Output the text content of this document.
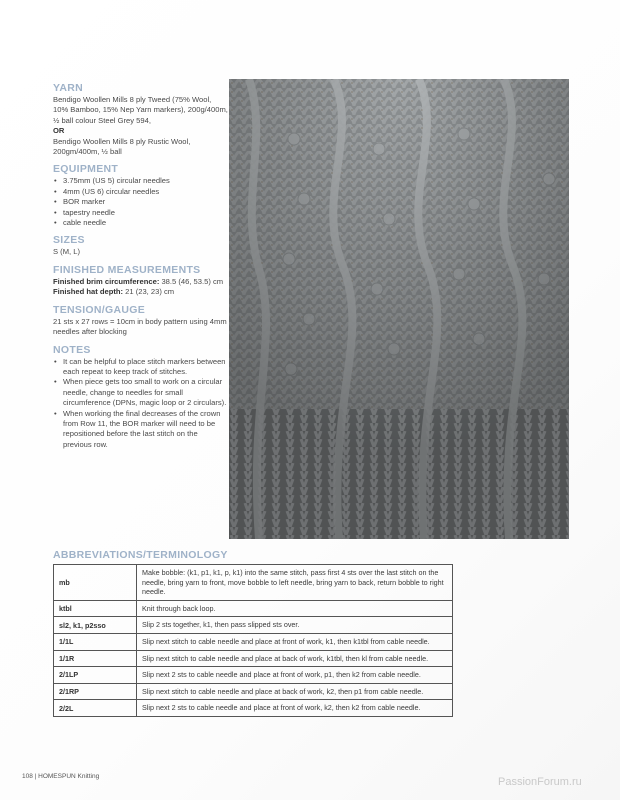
YARN
Bendigo Woollen Mills 8 ply Tweed (75% Wool, 10% Bamboo, 15% Nep Yarn markers), 200g/400m, ½ ball colour Steel Grey 594,
OR
Bendigo Woollen Mills 8 ply Rustic Wool, 200gm/400m, ½ ball
EQUIPMENT
• 3.75mm (US 5) circular needles
• 4mm (US 6) circular needles
• BOR marker
• tapestry needle
• cable needle
SIZES
S (M, L)
FINISHED MEASUREMENTS
Finished brim circumference: 38.5 (46, 53.5) cm
Finished hat depth: 21 (23, 23) cm
TENSION/GAUGE
21 sts x 27 rows = 10cm in body pattern using 4mm needles after blocking
NOTES
• It can be helpful to place stitch markers between each repeat to keep track of stitches.
• When piece gets too small to work on a circular needle, change to needles for small circumference (DPNs, magic loop or 2 circulars).
• When working the final decreases of the crown from Row 11, the BOR marker will need to be repositioned before the last stitch on the previous row.
ABBREVIATIONS/TERMINOLOGY
mb	Make bobble: (k1, p1, k1, p, k1) into the same stitch, pass first 4 sts over the last stitch on the needle, bring yarn to front, move bobble to left needle, bring yarn to back, return bobble to right needle.
ktbl	Knit through back loop.
sl2, k1, p2sso	Slip 2 sts together, k1, then pass slipped sts over.
1/1L	Slip next stitch to cable needle and place at front of work, k1, then k1tbl from cable needle.
1/1R	Slip next stitch to cable needle and place at back of work, k1tbl, then kl from cable needle.
2/1LP	Slip next 2 sts to cable needle and place at front of work, p1, then k2 from cable needle.
2/1RP	Slip next stitch to cable needle and place at back of work, k2, then p1 from cable needle.
2/2L	Slip next 2 sts to cable needle and place at front of work, k2, then k2 from cable needle.
108 | HOMESPUN Knitting	PassionForum.ru
